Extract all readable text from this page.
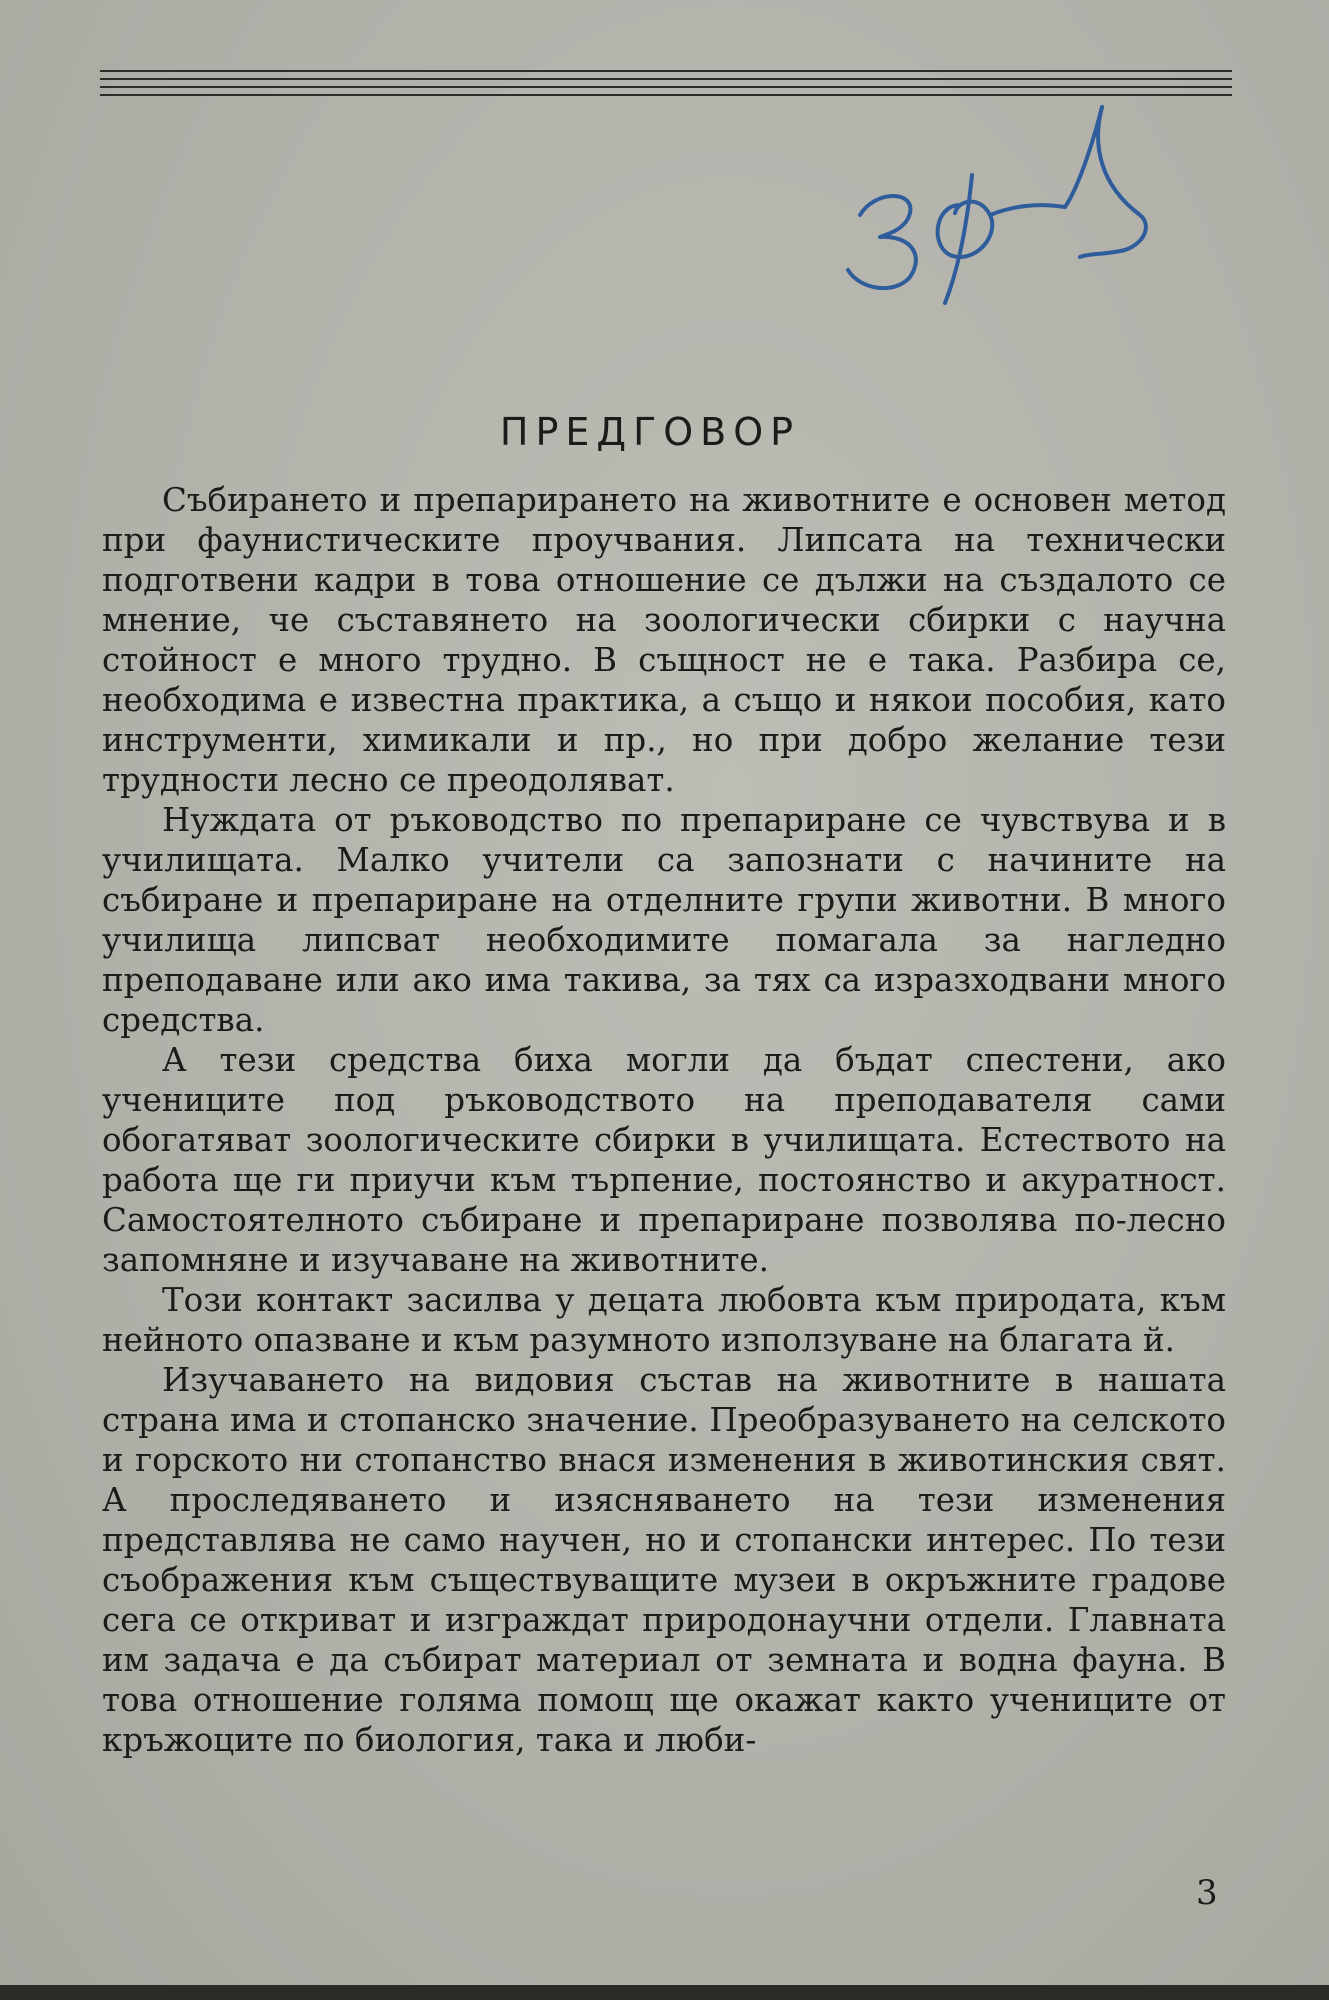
ПРЕДГОВОР

Събирането и препарирането на животните е основен метод при фаунистическите проучвания. Липсата на технически подготвени кадри в това отношение се дължи на създалото се мнение, че съставянето на зоологически сбирки с научна стойност е много трудно. В същност не е така. Разбира се, необходима е известна практика, а също и някои пособия, като инструменти, химикали и пр., но при добро желание тези трудности лесно се преодоляват.

Нуждата от ръководство по препариране се чувствува и в училищата. Малко учители са запознати с начините на събиране и препариране на отделните групи животни. В много училища липсват необходимите помагала за нагледно преподаване или ако има такива, за тях са изразходвани много средства.

А тези средства биха могли да бъдат спестени, ако учениците под ръководството на преподавателя сами обогатяват зоологическите сбирки в училищата. Естеството на работа ще ги приучи към търпение, постоянство и акуратност. Самостоятелното събиране и препариране позволява по-лесно запомняне и изучаване на животните.

Този контакт засилва у децата любовта към природата, към нейното опазване и към разумното използуване на благата й.

Изучаването на видовия състав на животните в нашата страна има и стопанско значение. Преобразуването на селското и горското ни стопанство внася изменения в животинския свят. А проследяването и изясняването на тези изменения представлява не само научен, но и стопански интерес. По тези съображения към съществуващите музеи в окръжните градове сега се откриват и изграждат природонаучни отдели. Главната им задача е да събират материал от земната и водна фауна. В това отношение голяма помощ ще окажат както учениците от кръжоците по биология, така и люби-

3
